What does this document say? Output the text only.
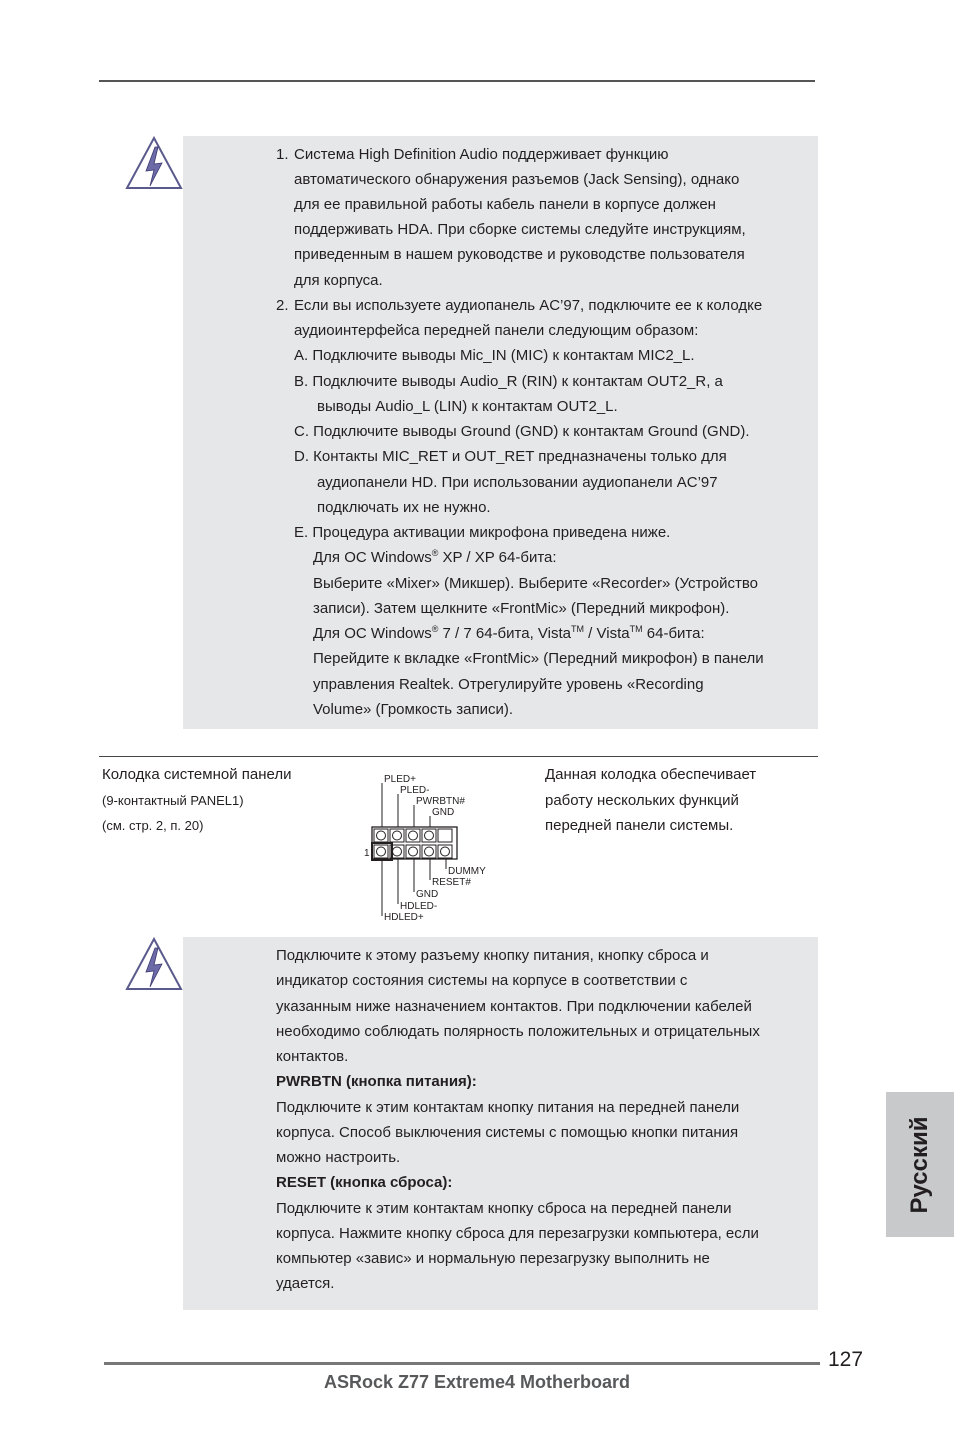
1. Система High Definition Audio поддерживает функцию
автоматического обнаружения разъемов (Jack Sensing), однако
для ее правильной работы кабель панели в корпусе должен
поддерживать HDA. При сборке системы следуйте инструкциям,
приведенным в нашем руководстве и руководстве пользователя
для корпуса.
2. Если вы используете аудиопанель AC’97, подключите ее к колодке
аудиоинтерфейса передней панели следующим образом:
A. Подключите выводы Mic_IN (MIC) к контактам MIC2_L.
B. Подключите выводы Audio_R (RIN) к контактам OUT2_R, а
выводы Audio_L (LIN) к контактам OUT2_L.
C. Подключите выводы Ground (GND) к контактам Ground (GND).
D. Контакты MIC_RET и OUT_RET предназначены только для
аудиопанели HD. При использовании аудиопанели AC’97
подключать их не нужно.
E. Процедура активации микрофона приведена ниже.
Для ОС Windows® XP / XP 64-бита:
Выберите «Mixer» (Микшер). Выберите «Recorder» (Устройство
записи). Затем щелкните «FrontMic» (Передний микрофон).
Для ОС Windows® 7 / 7 64-бита, Vista™ / Vista™ 64-бита:
Перейдите к вкладке «FrontMic» (Передний микрофон) в панели
управления Realtek. Отрегулируйте уровень «Recording
Volume» (Громкость записи).
Колодка системной панели
(9-контактный PANEL1)
(см. стр. 2, п. 20)
Данная колодка обеспечивает
работу нескольких функций
передней панели системы.
PLED+
PLED-
PWRBTN#
GND
1
DUMMY
RESET#
GND
HDLED-
HDLED+
Подключите к этому разъему кнопку питания, кнопку сброса и
индикатор состояния системы на корпусе в соответствии с
указанным ниже назначением контактов. При подключении кабелей
необходимо соблюдать полярность положительных и отрицательных
контактов.
PWRBTN (кнопка питания):
Подключите к этим контактам кнопку питания на передней панели
корпуса. Способ выключения системы с помощью кнопки питания
можно настроить.
RESET (кнопка сброса):
Подключите к этим контактам кнопку сброса на передней панели
корпуса. Нажмите кнопку сброса для перезагрузки компьютера, если
компьютер «завис» и нормальную перезагрузку выполнить не
удается.
Русский
127
ASRock Z77 Extreme4 Motherboard
